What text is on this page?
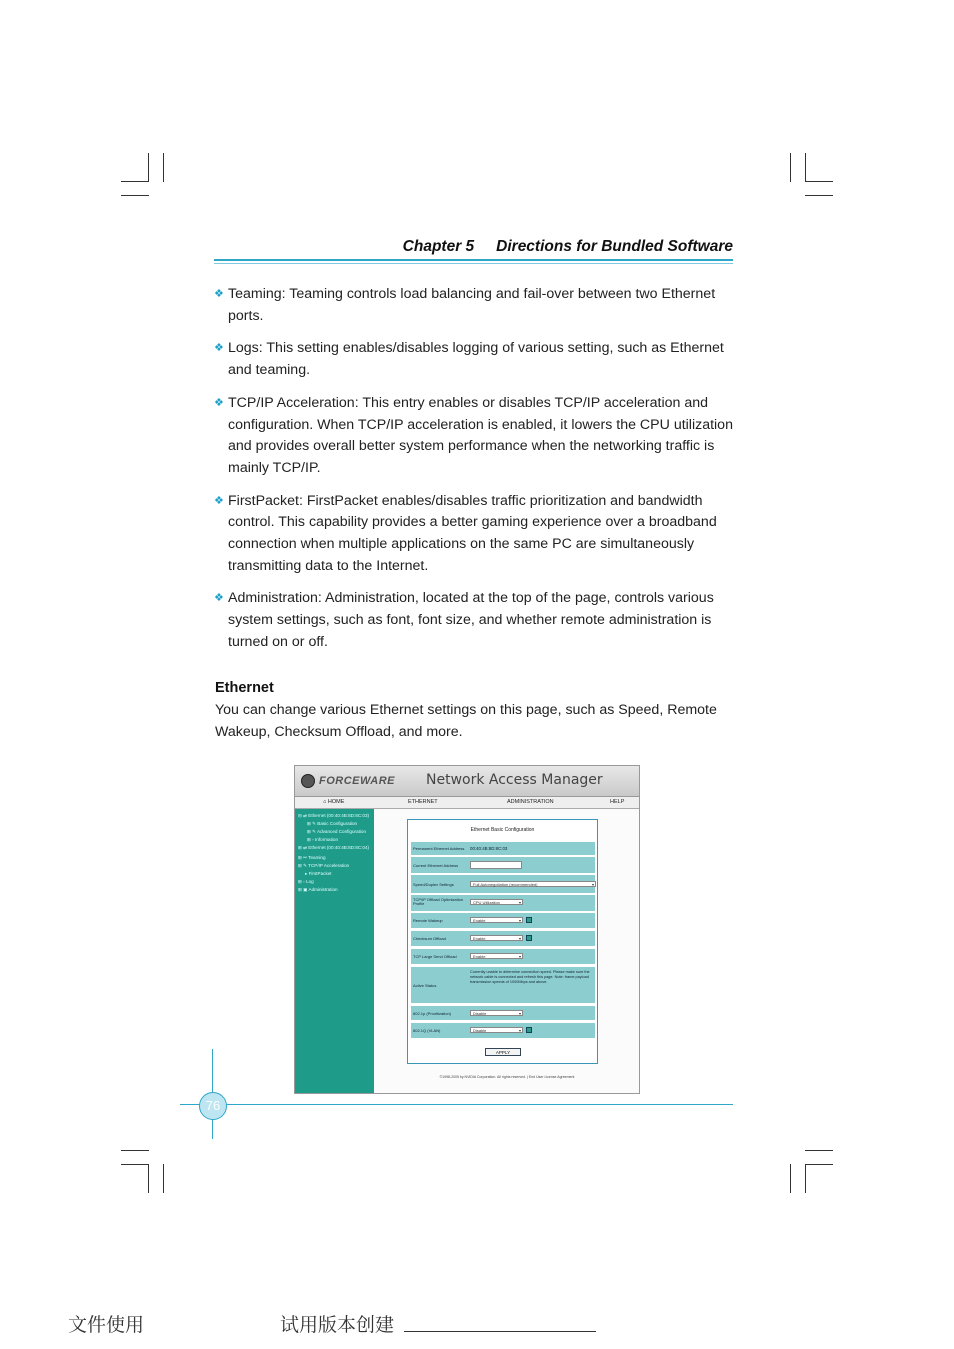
Chapter 5 Directions for Bundled Software
❖ Teaming: Teaming controls load balancing and fail-over between two Ethernet ports.
❖ Logs: This setting enables/disables logging of various setting, such as Ethernet and teaming.
❖ TCP/IP Acceleration: This entry enables or disables TCP/IP acceleration and configuration. When TCP/IP acceleration is enabled, it lowers the CPU utilization and provides overall better system performance when the networking traffic is mainly TCP/IP.
❖ FirstPacket: FirstPacket enables/disables traffic prioritization and bandwidth control. This capability provides a better gaming experience over a broadband connection when multiple applications on the same PC are simultaneously transmitting data to the Internet.
❖ Administration: Administration, located at the top of the page, controls various system settings, such as font, font size, and whether remote administration is turned on or off.
Ethernet
You can change various Ethernet settings on this page, such as Speed, Remote Wakeup, Checksum Offload, and more.
FORCEWARE Network Access Manager
⌂ HOME	ETHERNET	ADMINISTRATION	HELP
⊟ ⇄ Ethernet (00:40:4B:8D:8C:03)
⊞ ✎ Basic Configuration
⊞ ✎ Advanced Configuration
⊞ ▫ Information
⊞ ⇄ Ethernet (00:40:4B:8D:8C:04)
⊞ ⚯ Teaming
⊞ ✎ TCP/IP Acceleration
▸ FirstPacket
⊞ ▫ Log
⊞ ▣ Administration
Ethernet Basic Configuration
Permanent Ethernet Address 00:40:4B:8D:8C:03
Current Ethernet Address
Speed/Duplex Settings	Full Autonegotiation (recommended)	▾
TCP/IP Offload Optimization Profile	CPU Utilization	▾
Remote Wakeup	Enable	▾
Checksum Offload	Enable	▾
TCP Large Send Offload	Enable	▾
Active Status
Currently unable to determine connection speed. Please make sure the network cable is connected and refresh this page. Note: frame payload transmission speeds of 1000Mbps and above.
802.1p (Prioritization)	Disable	▾
802.1Q (VLAN)	Disable	▾
APPLY
©1998-2005 by NVIDIA Corporation. All rights reserved. | End User License Agreement
76
文件使用	试用版本创建
